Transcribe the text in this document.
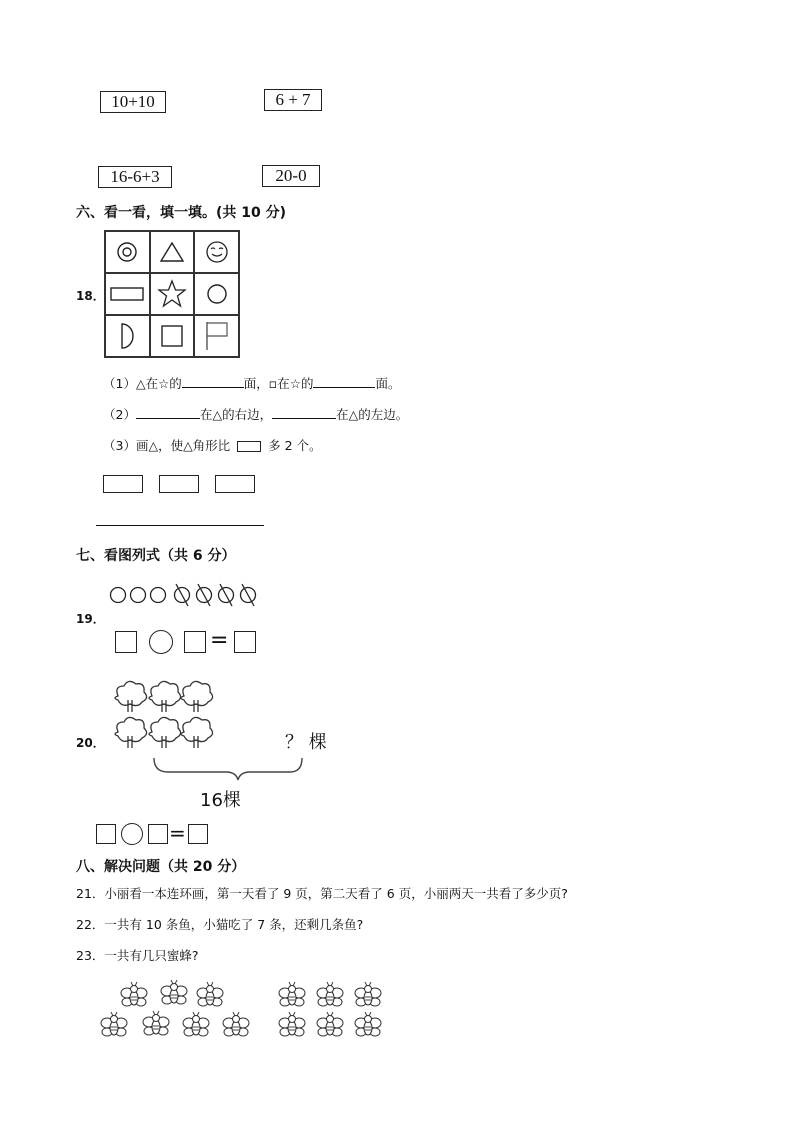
10+10	6 + 7
16-6+3	20-0
六、看一看，填一填。(共 10 分)
18．
（1）△在☆的	面，▫在☆的	面。
（2）	在△的右边，	在△的左边。
（3）画△，使△角形比	多 2 个。
七、看图列式（共 6 分）
19．
=
20．	？ 棵
16棵
=
八、解决问题（共 20 分）
21．小丽看一本连环画，第一天看了 9 页，第二天看了 6 页，小丽两天一共看了多少页?
22．一共有 10 条鱼，小猫吃了 7 条，还剩几条鱼?
23．一共有几只蜜蜂?
